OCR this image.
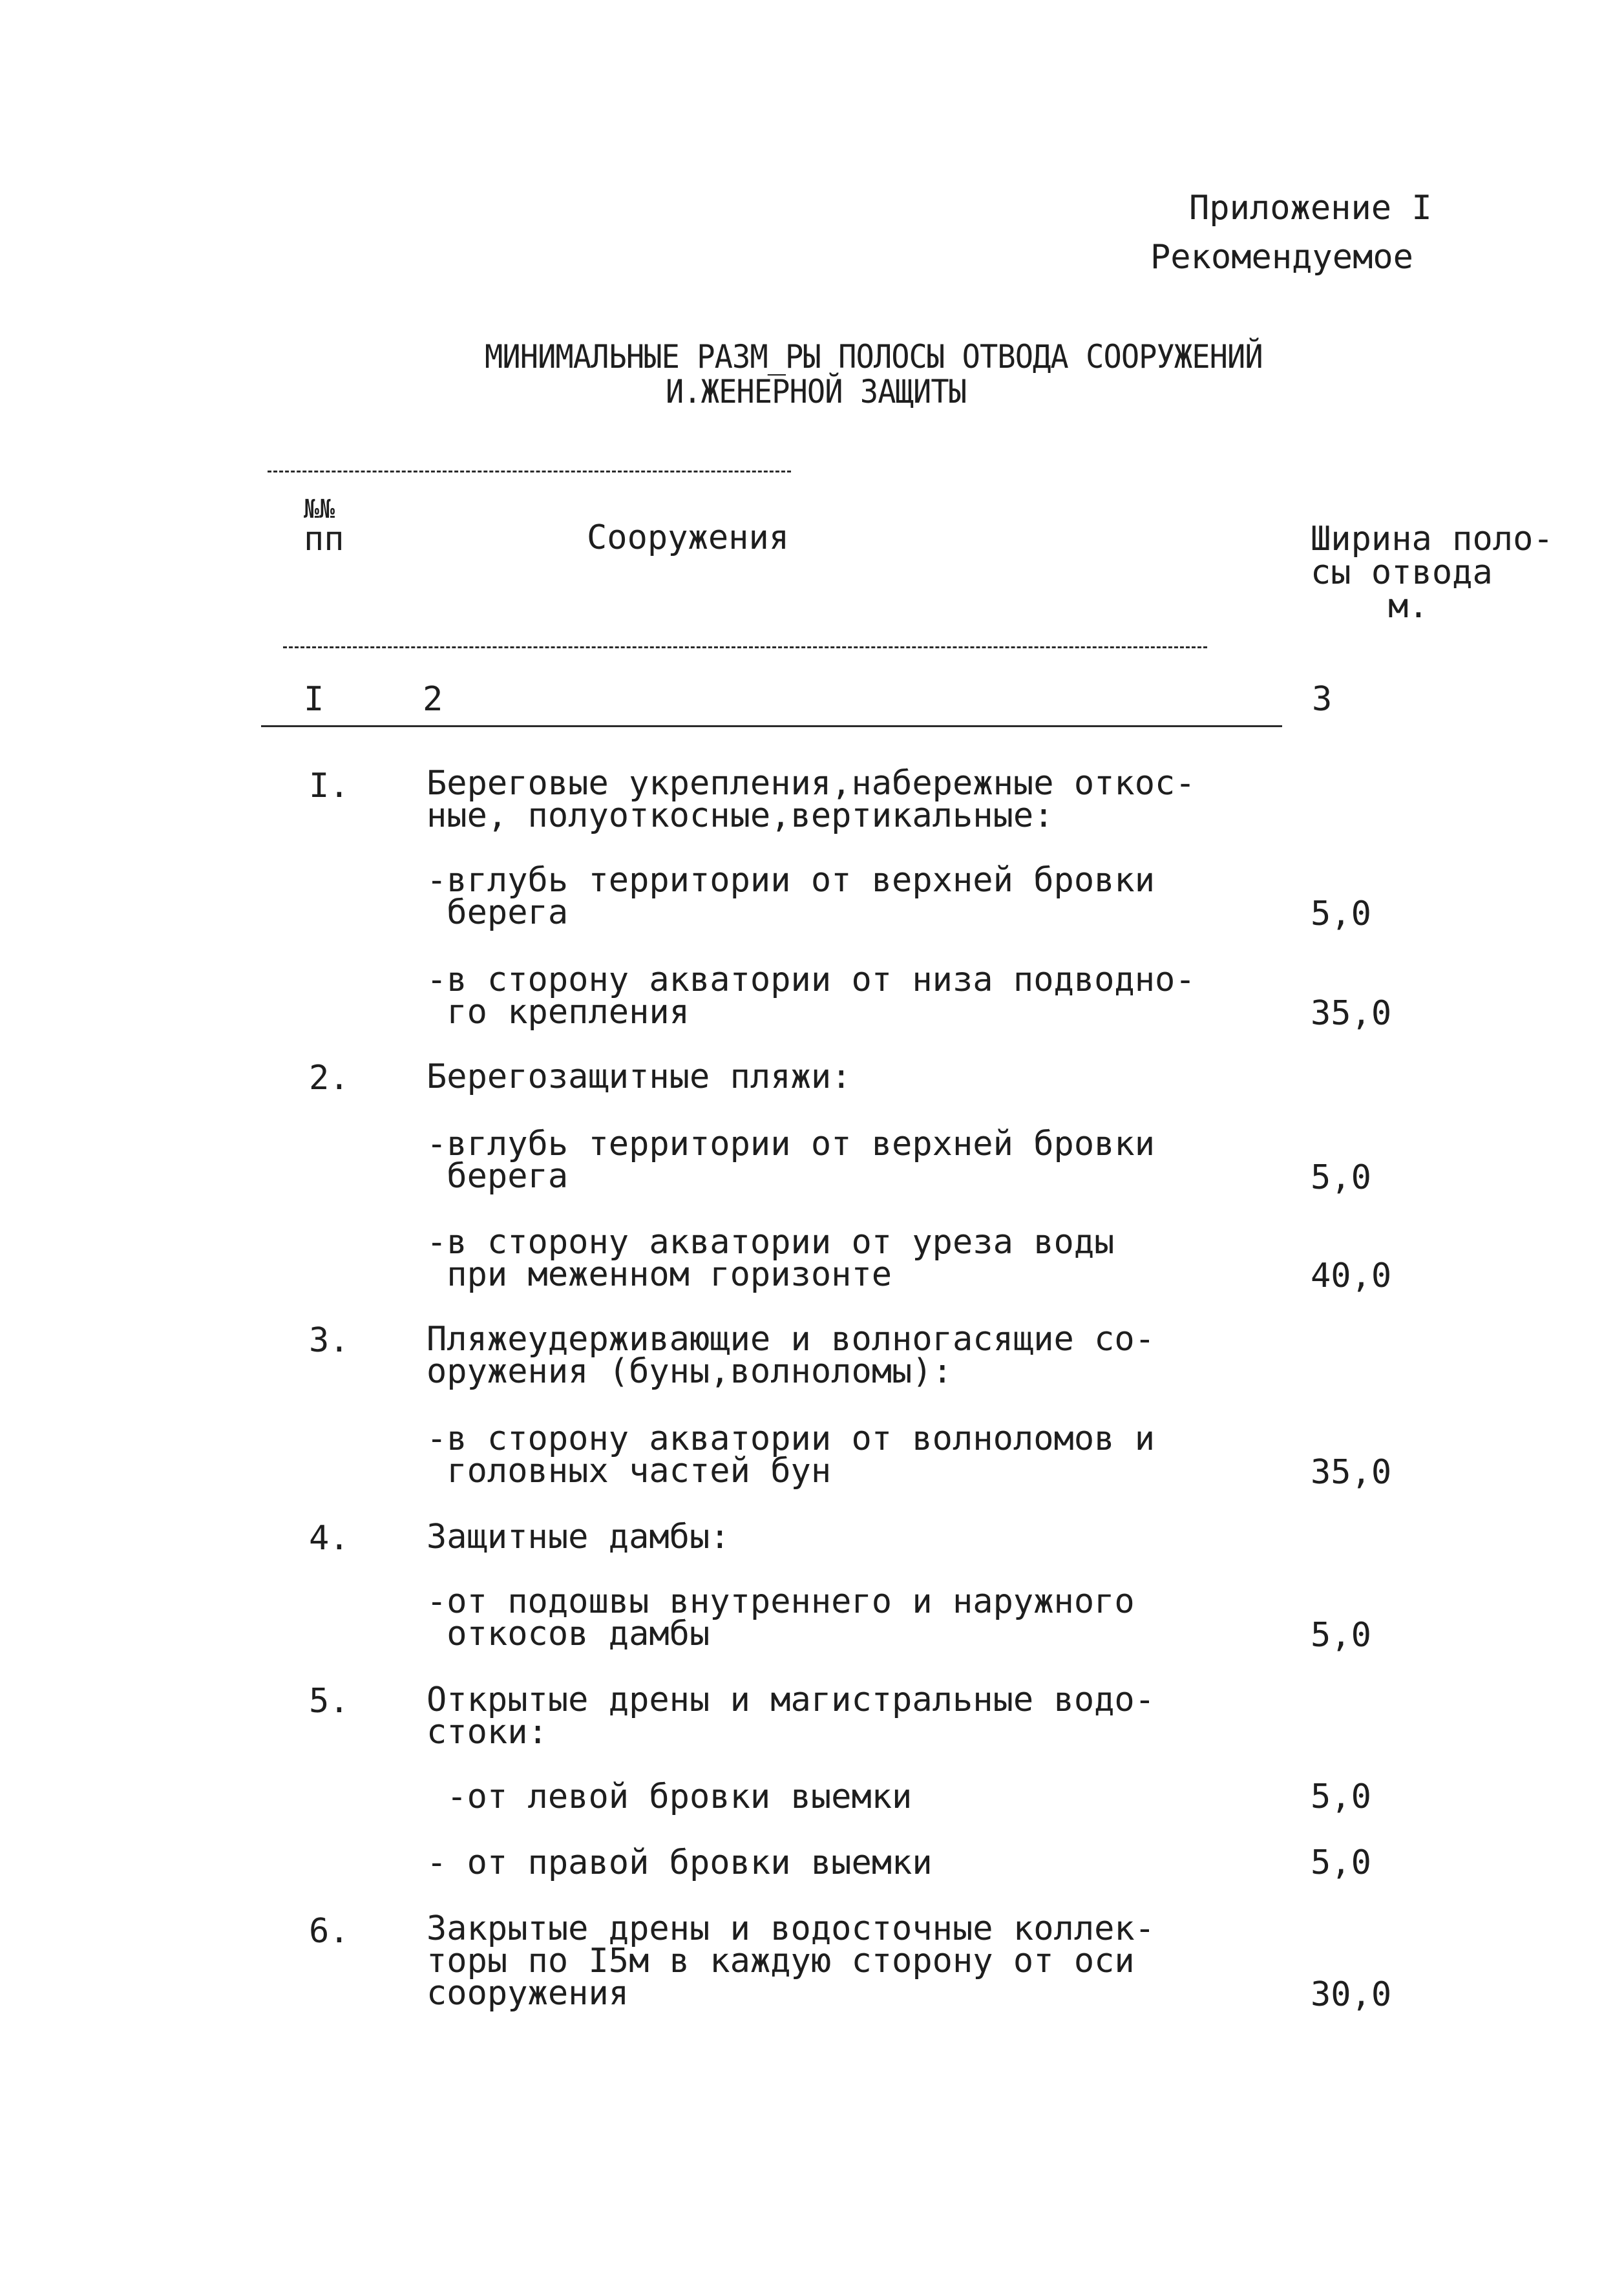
Приложение I
Рекомендуемое
МИНИМАЛЬНЫЕ РАЗМ_РЫ ПОЛОСЫ ОТВОДА СООРУЖЕНИЙ
И.ЖЕНЕРНОЙ ЗАЩИТЫ
№№
пп	Сооружения	Ширина поло-
сы отвода
м.
I	2	3
I. Береговые укрепления,набережные откос-
ные, полуоткосные,вертикальные:
-вглубь территории от верхней бровки
берега	5,0
-в сторону акватории от низа подводно-
го крепления	35,0
2. Берегозащитные пляжи:
-вглубь территории от верхней бровки
берега	5,0
-в сторону акватории от уреза воды
при меженном горизонте	40,0
3. Пляжеудерживающие и волногасящие со-
оружения (буны,волноломы):
-в сторону акватории от волноломов и
головных частей бун	35,0
4. Защитные дамбы:
-от подошвы внутреннего и наружного
откосов дамбы	5,0
5. Открытые дрены и магистральные водо-
стоки:
-от левой бровки выемки	5,0
- от правой бровки выемки	5,0
6. Закрытые дрены и водосточные коллек-
торы по I5м в каждую сторону от оси
сооружения	30,0
